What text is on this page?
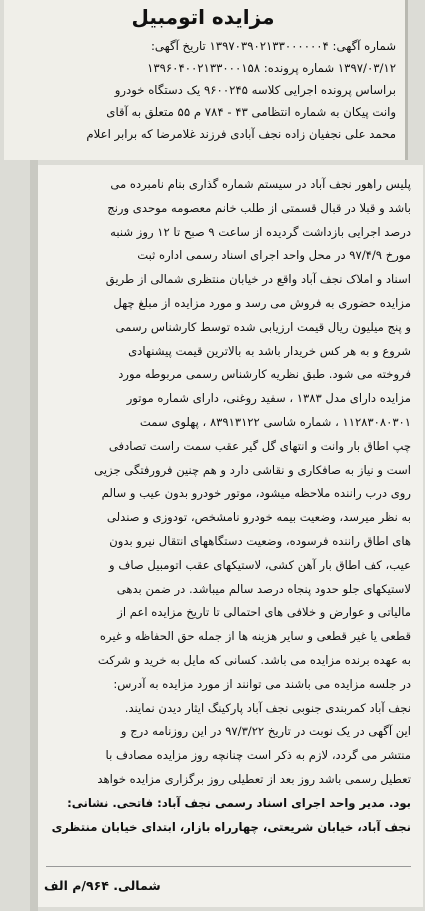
مزایده اتومبیل
شماره آگهی: ۱۳۹۷۰۳۹۰۲۱۳۳۰۰۰۰۰۰۴ تاریخ آگهی:
۱۳۹۷/۰۳/۱۲ شماره پرونده: ۱۳۹۶۰۴۰۰۲۱۳۳۰۰۰۱۵۸
براساس پرونده اجرایی کلاسه ۹۶۰۰۲۴۵ یک دستگاه خودرو
وانت پیکان به شماره انتظامی ۴۳ - ۷۸۴ م ۵۵ متعلق به آقای
محمد علی نجفیان زاده نجف آبادی فرزند غلامرضا که برابر اعلام
پلیس راهور نجف آباد در سیستم شماره گذاری بنام نامبرده می
باشد و قبلا در قبال قسمتی از طلب خانم معصومه موحدی ورنج
درصد اجرایی بازداشت گردیده از ساعت ۹ صبح تا ۱۲ روز شنبه
مورخ ۹۷/۴/۹ در محل واحد اجرای اسناد رسمی اداره ثبت
اسناد و املاک نجف آباد واقع در خیابان منتظری شمالی از طریق
مزایده حضوری به فروش می رسد و مورد مزایده از مبلغ چهل
و پنج میلیون ریال قیمت ارزیابی شده توسط کارشناس رسمی
شروع و به هر کس خریدار باشد به بالاترین قیمت پیشنهادی
فروخته می شود. طبق نظریه کارشناس رسمی مربوطه مورد
مزایده دارای مدل ۱۳۸۳ ، سفید روغنی، دارای شماره موتور
۱۱۲۸۳۰۸۰۳۰۱ ، شماره شاسی ۸۳۹۱۳۱۲۲ ، پهلوی سمت
چپ اطاق بار وانت و انتهای گل گیر عقب سمت راست تصادفی
است و نیاز به صافکاری و نقاشی دارد و هم چنین فرورفتگی جزیی
روی درب راننده ملاحظه میشود، موتور خودرو بدون عیب و سالم
به نظر میرسد، وضعیت بیمه خودرو نامشخص، تودوزی و صندلی
های اطاق راننده فرسوده، وضعیت دستگاههای انتقال نیرو بدون
عیب، کف اطاق بار آهن کشی، لاستیکهای عقب اتومبیل صاف و
لاستیکهای جلو حدود پنجاه درصد سالم میباشد. در ضمن بدهی
مالیاتی و عوارض و خلافی های احتمالی تا تاریخ مزایده اعم از
قطعی یا غیر قطعی و سایر هزینه ها از جمله حق الحفاظه و غیره
به عهده برنده مزایده می باشد. کسانی که مایل به خرید و شرکت
در جلسه مزایده می باشند می توانند از مورد مزایده به آدرس:
نجف آباد کمربندی جنوبی نجف آباد پارکینگ ایثار دیدن نمایند.
این آگهی در یک نوبت در تاریخ ۹۷/۳/۲۲ در این روزنامه درج و
منتشر می گردد، لازم به ذکر است چنانچه روز مزایده مصادف با
تعطیل رسمی باشد روز بعد از تعطیلی روز برگزاری مزایده خواهد
بود. مدیر واحد اجرای اسناد رسمی نجف آباد: فاتحی. نشانی:
نجف آباد، خیابان شریعتی، چهارراه بازار، ابتدای خیابان منتظری
شمالی. ۹۶۴/م الف
